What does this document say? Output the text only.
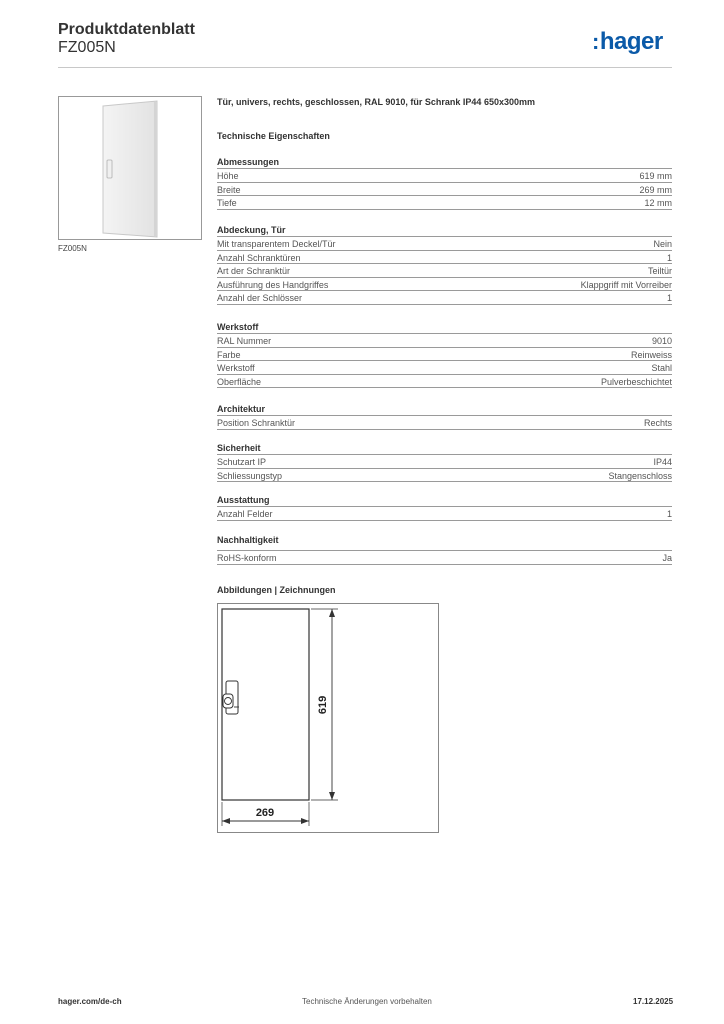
Produktdatenblatt
FZ005N	:hager
FZ005N
Tür, univers, rechts, geschlossen, RAL 9010, für Schrank IP44 650x300mm
Technische Eigenschaften
Abmessungen
Höhe	619 mm
Breite	269 mm
Tiefe	12 mm
Abdeckung, Tür
Mit transparentem Deckel/Tür	Nein
Anzahl Schranktüren	1
Art der Schranktür	Teiltür
Ausführung des Handgriffes	Klappgriff mit Vorreiber
Anzahl der Schlösser	1
Werkstoff
RAL Nummer	9010
Farbe	Reinweiss
Werkstoff	Stahl
Oberfläche	Pulverbeschichtet
Architektur
Position Schranktür	Rechts
Sicherheit
Schutzart IP	IP44
Schliessungstyp	Stangenschloss
Ausstattung
Anzahl Felder	1
Nachhaltigkeit
RoHS-konform	Ja
Abbildungen | Zeichnungen
269
619
hager.com/de-ch	Technische Änderungen vorbehalten	17.12.2025
